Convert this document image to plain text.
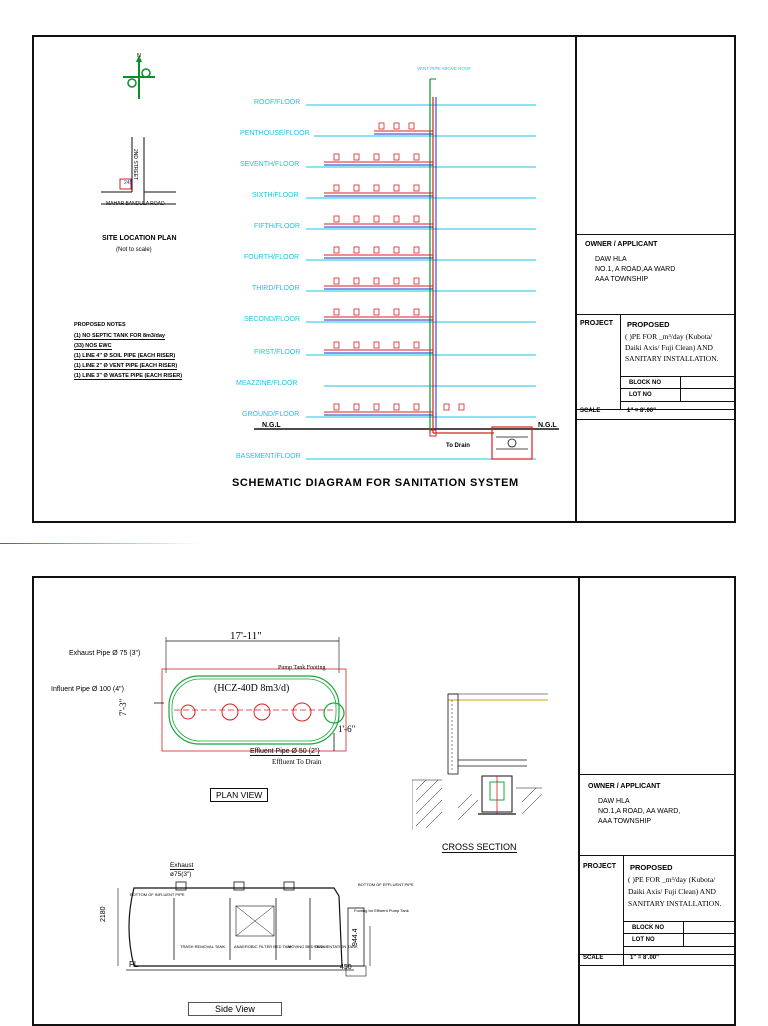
N
2ND STREET
245
MAHAR BANDULA ROAD
SITE LOCATION PLAN
(Not to scale)
PROPOSED NOTES
(1) NO SEPTIC TANK FOR 8m3/day
(33) NOS EWC
(1) LINE 4" Ø SOIL PIPE (EACH RISER)
(1) LINE 2" Ø VENT PIPE (EACH RISER)
(1) LINE 3" Ø WASTE PIPE (EACH RISER)
VENT PIPE ABOVE ROOF
ROOF/FLOOR
PENTHOUSE/FLOOR
SEVENTH/FLOOR
SIXTH/FLOOR
FIFTH/FLOOR
FOURTH/FLOOR
THIRD/FLOOR
SECOND/FLOOR
FIRST/FLOOR
MEAZZINE/FLOOR
GROUND/FLOOR
BASEMENT/FLOOR
N.G.L	N.G.L
To Drain
SCHEMATIC DIAGRAM FOR SANITATION SYSTEM
OWNER / APPLICANT
DAW HLA
NO.1, A ROAD,AA WARD
AAA TOWNSHIP
PROJECT PROPOSED
( )PE FOR _m³/day (Kubota/
Daiki Axis/ Fuji Clean) AND
SANITARY INSTALLATION.
BLOCK NO
LOT NO
SCALE	1" = 8'.00"
17'-11"
Exhaust Pipe Ø 75 (3")
Influent Pipe Ø 100 (4")
Pump Tank Footing
(HCZ-40D 8m3/d)
7'-3"
1'-6"
Effluent Pipe Ø 50 (2")
Effluent To Drain
PLAN VIEW
CROSS SECTION
Exhaust
ø75(3")
BOTTOM OF INFLUENT PIPE
BOTTOM OF EFFLUENT PIPE
Footing for Effluent Pump Tank
2180
944.4
450
FL
TRASH REMOVAL TANK ANAEROBIC FILTER BED TANK
MOVING BED TANK
SEDIMENTATION TANK
Side View
OWNER / APPLICANT
DAW HLA
NO.1,A ROAD, AA WARD,
AAA TOWNSHIP
PROJECT PROPOSED
( )PE FOR _m³/day (Kubota/
Daiki Axis/ Fuji Clean) AND
SANITARY INSTALLATION.
BLOCK NO
LOT NO
SCALE	1" = 8'.00"
